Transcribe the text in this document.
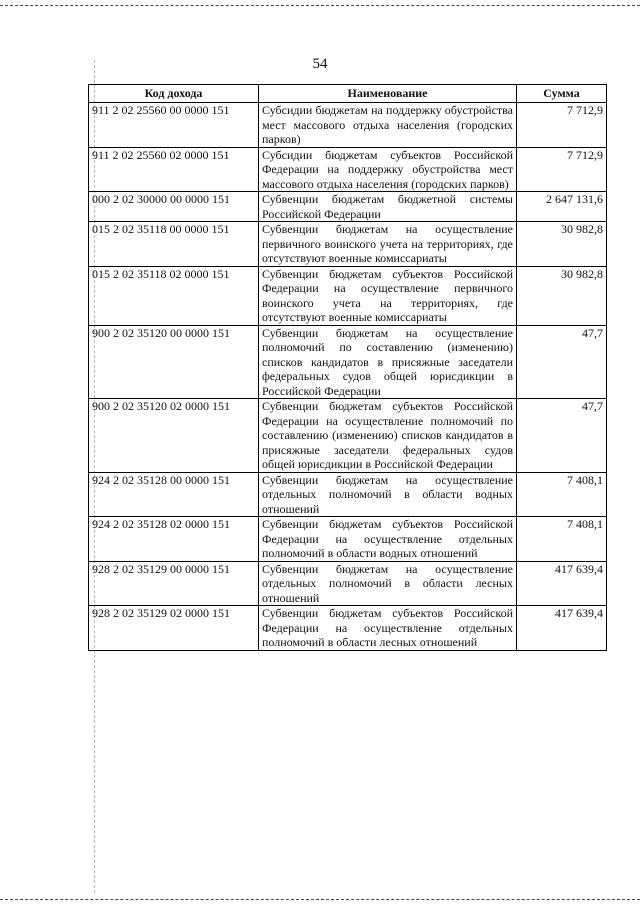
54
Код дохода	Наименование	Сумма
911 2 02 25560 00 0000 151	Субсидии бюджетам на поддержку обустройства мест массового отдыха населения (городских парков)	7 712,9
911 2 02 25560 02 0000 151	Субсидии бюджетам субъектов Российской Федерации на поддержку обустройства мест массового отдыха населения (городских парков)	7 712,9
000 2 02 30000 00 0000 151	Субвенции бюджетам бюджетной системы Российской Федерации	2 647 131,6
015 2 02 35118 00 0000 151	Субвенции бюджетам на осуществление первичного воинского учета на территориях, где отсутствуют военные комиссариаты	30 982,8
015 2 02 35118 02 0000 151	Субвенции бюджетам субъектов Российской Федерации на осуществление первичного воинского учета на территориях, где отсутствуют военные комиссариаты	30 982,8
900 2 02 35120 00 0000 151	Субвенции бюджетам на осуществление полномочий по составлению (изменению) списков кандидатов в присяжные заседатели федеральных судов общей юрисдикции в Российской Федерации	47,7
900 2 02 35120 02 0000 151	Субвенции бюджетам субъектов Российской Федерации на осуществление полномочий по составлению (изменению) списков кандидатов в присяжные заседатели федеральных судов общей юрисдикции в Российской Федерации	47,7
924 2 02 35128 00 0000 151	Субвенции бюджетам на осуществление отдельных полномочий в области водных отношений	7 408,1
924 2 02 35128 02 0000 151	Субвенции бюджетам субъектов Российской Федерации на осуществление отдельных полномочий в области водных отношений	7 408,1
928 2 02 35129 00 0000 151	Субвенции бюджетам на осуществление отдельных полномочий в области лесных отношений	417 639,4
928 2 02 35129 02 0000 151	Субвенции бюджетам субъектов Российской Федерации на осуществление отдельных полномочий в области лесных отношений	417 639,4
